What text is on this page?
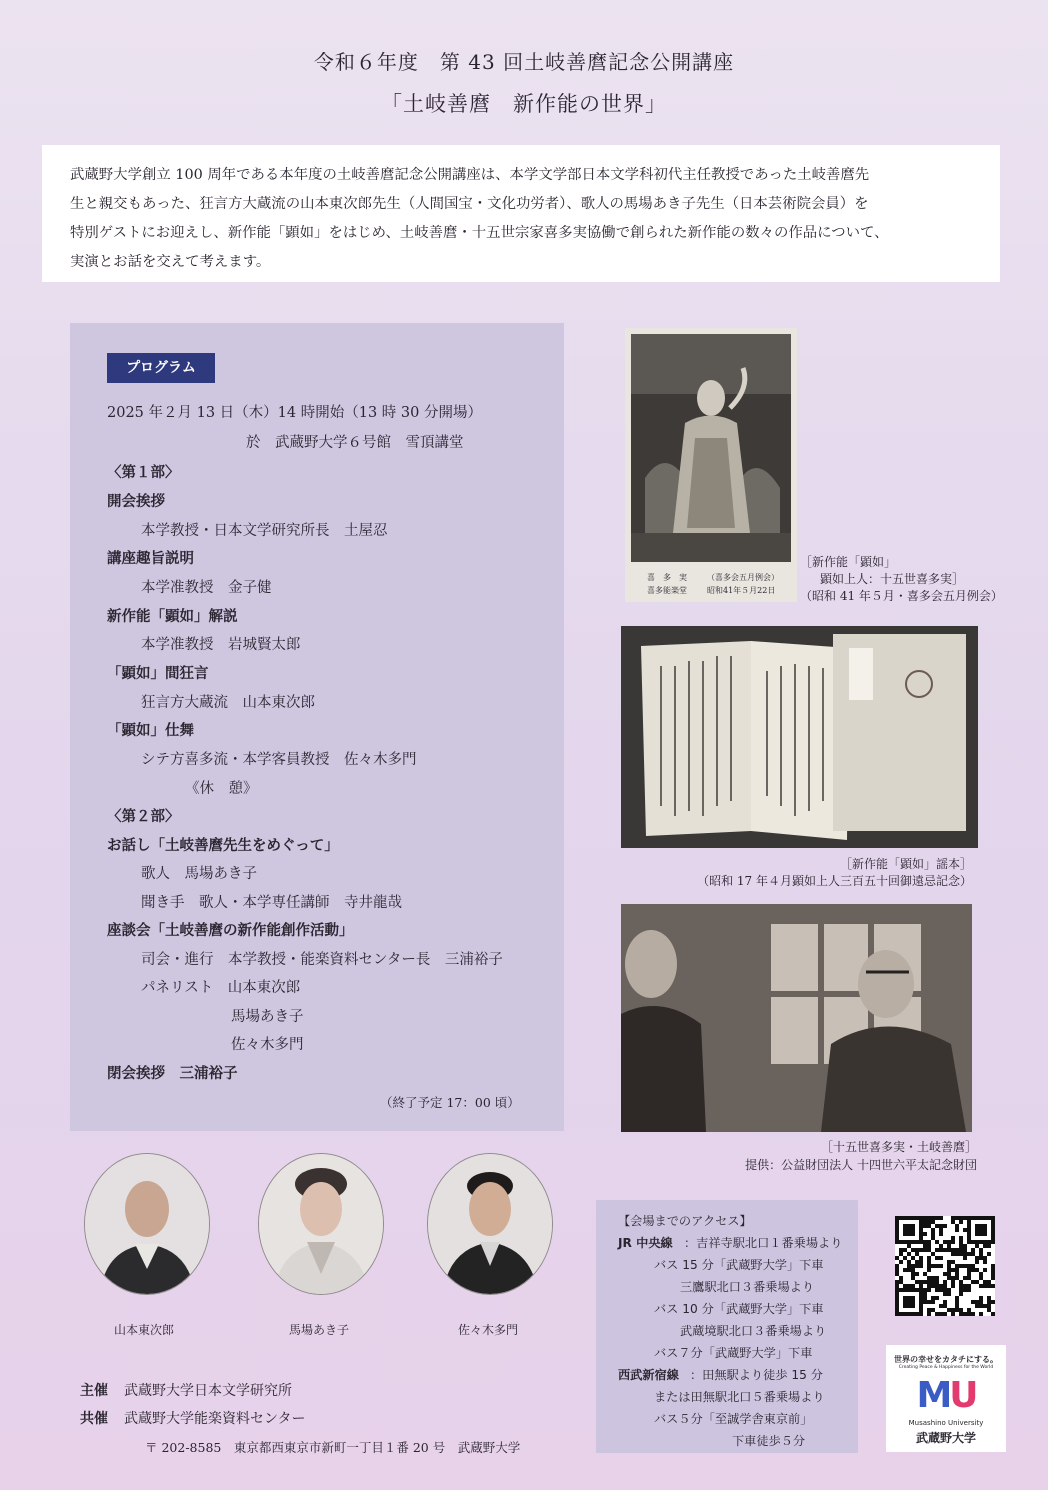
令和６年度　第 43 回土岐善麿記念公開講座
「土岐善麿　新作能の世界」
武蔵野大学創立 100 周年である本年度の土岐善麿記念公開講座は、本学文学部日本文学科初代主任教授であった土岐善麿先
生と親交もあった、狂言方大蔵流の山本東次郎先生（人間国宝・文化功労者）、歌人の馬場あき子先生（日本芸術院会員）を
特別ゲストにお迎えし、新作能「顕如」をはじめ、土岐善麿・十五世宗家喜多実協働で創られた新作能の数々の作品について、
実演とお話を交えて考えます。
プログラム
2025 年２月 13 日（木）14 時開始（13 時 30 分開場）
於　武蔵野大学６号館　雪頂講堂
〈第１部〉
開会挨拶
本学教授・日本文学研究所長　土屋忍
講座趣旨説明
本学准教授　金子健
新作能「顕如」解説
本学准教授　岩城賢太郎
「顕如」間狂言
狂言方大蔵流　山本東次郎
「顕如」仕舞
シテ方喜多流・本学客員教授　佐々木多門
《休　憩》
〈第２部〉
お話し「土岐善麿先生をめぐって」
歌人　馬場あき子
聞き手　歌人・本学専任講師　寺井龍哉
座談会「土岐善麿の新作能創作活動」
司会・進行　本学教授・能楽資料センター長　三浦裕子
パネリスト　山本東次郎
馬場あき子
佐々木多門
閉会挨拶　三浦裕子
（終了予定 17：00 頃）
喜　多　実
喜多能楽堂
（喜多会五月例会）
昭和41年５月22日
［新作能「顕如」
顕如上人：十五世喜多実］
（昭和 41 年５月・喜多会五月例会）
［新作能「顕如」謡本］
（昭和 17 年４月顕如上人三百五十回御遠忌記念）
［十五世喜多実・土岐善麿］
提供：公益財団法人 十四世六平太記念財団
山本東次郎	馬場あき子	佐々木多門
【会場までのアクセス】
JR 中央線 ：吉祥寺駅北口１番乗場より
バス 15 分「武蔵野大学」下車
三鷹駅北口３番乗場より
バス 10 分「武蔵野大学」下車
武蔵境駅北口３番乗場より
バス７分「武蔵野大学」下車
西武新宿線 ：田無駅より徒歩 15 分
または田無駅北口５番乗場より
バス５分「至誠学舎東京前」
下車徒歩５分
主催 武蔵野大学日本文学研究所
共催 武蔵野大学能楽資料センター
〒 202-8585　東京都西東京市新町一丁目１番 20 号　武蔵野大学
世界の幸せをカタチにする。
Creating Peace & Happiness for the World
MU
Musashino University
武蔵野大学
